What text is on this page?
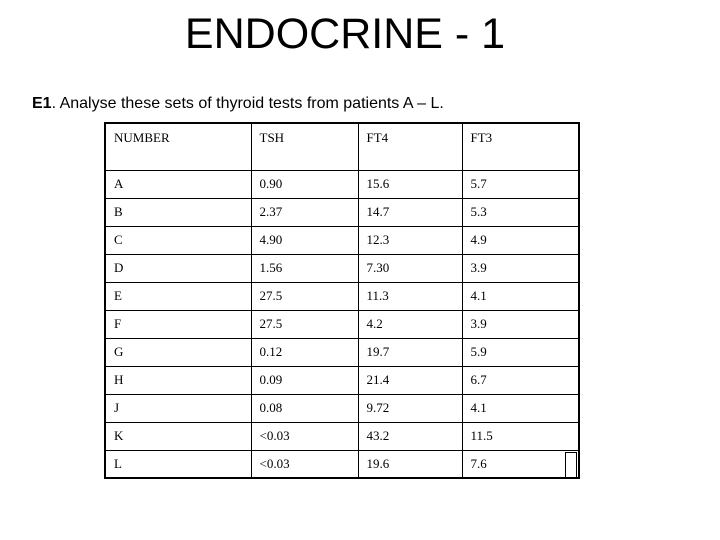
ENDOCRINE - 1

E1. Analyse these sets of thyroid tests from patients A – L.

NUMBER	TSH	FT4	FT3
A	0.90	15.6	5.7
B	2.37	14.7	5.3
C	4.90	12.3	4.9
D	1.56	7.30	3.9
E	27.5	11.3	4.1
F	27.5	4.2	3.9
G	0.12	19.7	5.9
H	0.09	21.4	6.7
J	0.08	9.72	4.1
K	<0.03	43.2	11.5
L	<0.03	19.6	7.6
